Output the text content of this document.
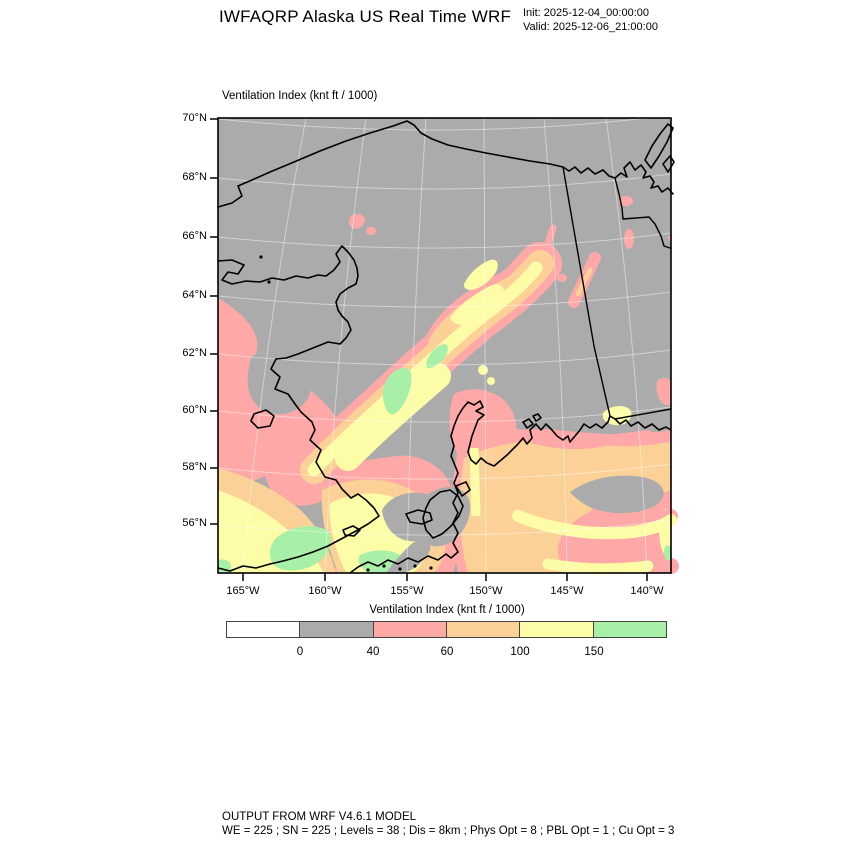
IWFAQRP Alaska US Real Time WRF	Init: 2025-12-04_00:00:00
Valid: 2025-12-06_21:00:00
Ventilation Index (knt ft / 1000)
70°N
68°N
66°N
64°N
62°N
60°N
58°N
56°N
165°W	160°W	155°W	150°W	145°W	140°W
Ventilation Index (knt ft / 1000)
0	40	60	100	150
OUTPUT FROM WRF V4.6.1 MODEL
WE = 225 ; SN = 225 ; Levels = 38 ; Dis = 8km ; Phys Opt = 8 ; PBL Opt = 1 ; Cu Opt = 3
